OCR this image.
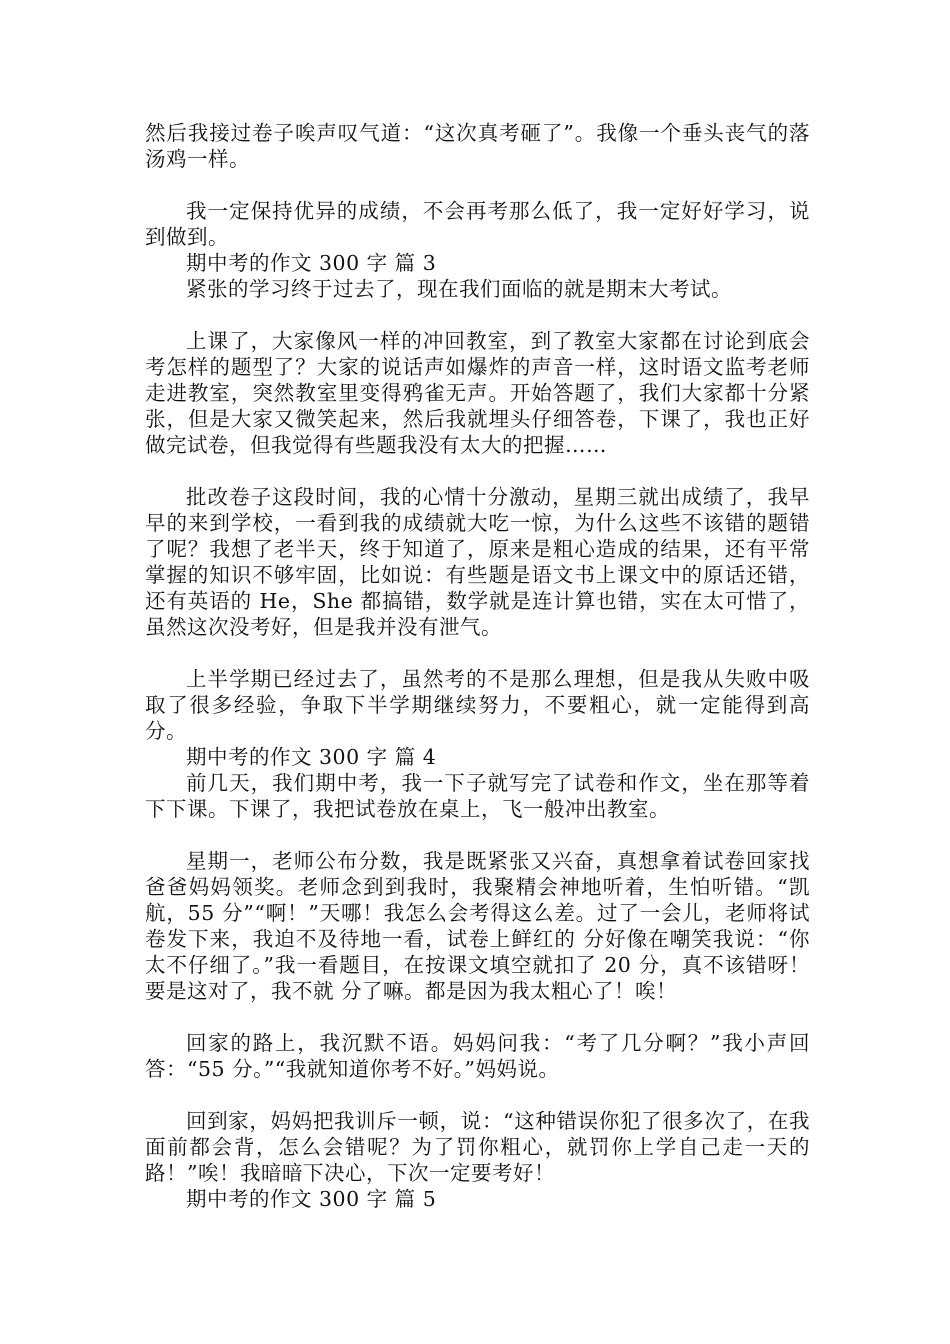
然后我接过卷子唉声叹气道：“这次真考砸了”。我像一个垂头丧气的落汤鸡一样。

我一定保持优异的成绩，不会再考那么低了，我一定好好学习，说到做到。

期中考的作文 300 字 篇 3

紧张的学习终于过去了，现在我们面临的就是期末大考试。

上课了，大家像风一样的冲回教室，到了教室大家都在讨论到底会考怎样的题型了？大家的说话声如爆炸的声音一样，这时语文监考老师走进教室，突然教室里变得鸦雀无声。开始答题了，我们大家都十分紧张，但是大家又微笑起来，然后我就埋头仔细答卷，下课了，我也正好做完试卷，但我觉得有些题我没有太大的把握……

批改卷子这段时间，我的心情十分激动，星期三就出成绩了，我早早的来到学校，一看到我的成绩就大吃一惊，为什么这些不该错的题错了呢？我想了老半天，终于知道了，原来是粗心造成的结果，还有平常掌握的知识不够牢固，比如说：有些题是语文书上课文中的原话还错，还有英语的 He，She 都搞错，数学就是连计算也错，实在太可惜了，虽然这次没考好，但是我并没有泄气。

上半学期已经过去了，虽然考的不是那么理想，但是我从失败中吸取了很多经验，争取下半学期继续努力，不要粗心，就一定能得到高分。

期中考的作文 300 字 篇 4

前几天，我们期中考，我一下子就写完了试卷和作文，坐在那等着下下课。下课了，我把试卷放在桌上，飞一般冲出教室。

星期一，老师公布分数，我是既紧张又兴奋，真想拿着试卷回家找爸爸妈妈领奖。老师念到到我时，我聚精会神地听着，生怕听错。“凯航，55 分”“啊！”天哪！我怎么会考得这么差。过了一会儿，老师将试卷发下来，我迫不及待地一看，试卷上鲜红的 分好像在嘲笑我说：“你太不仔细了。”我一看题目，在按课文填空就扣了 20 分，真不该错呀！要是这对了，我不就 分了嘛。都是因为我太粗心了！唉！

回家的路上，我沉默不语。妈妈问我：“考了几分啊？”我小声回答：“55 分。”“我就知道你考不好。”妈妈说。

回到家，妈妈把我训斥一顿，说：“这种错误你犯了很多次了，在我面前都会背，怎么会错呢？为了罚你粗心，就罚你上学自己走一天的路！”唉！我暗暗下决心，下次一定要考好！

期中考的作文 300 字 篇 5
